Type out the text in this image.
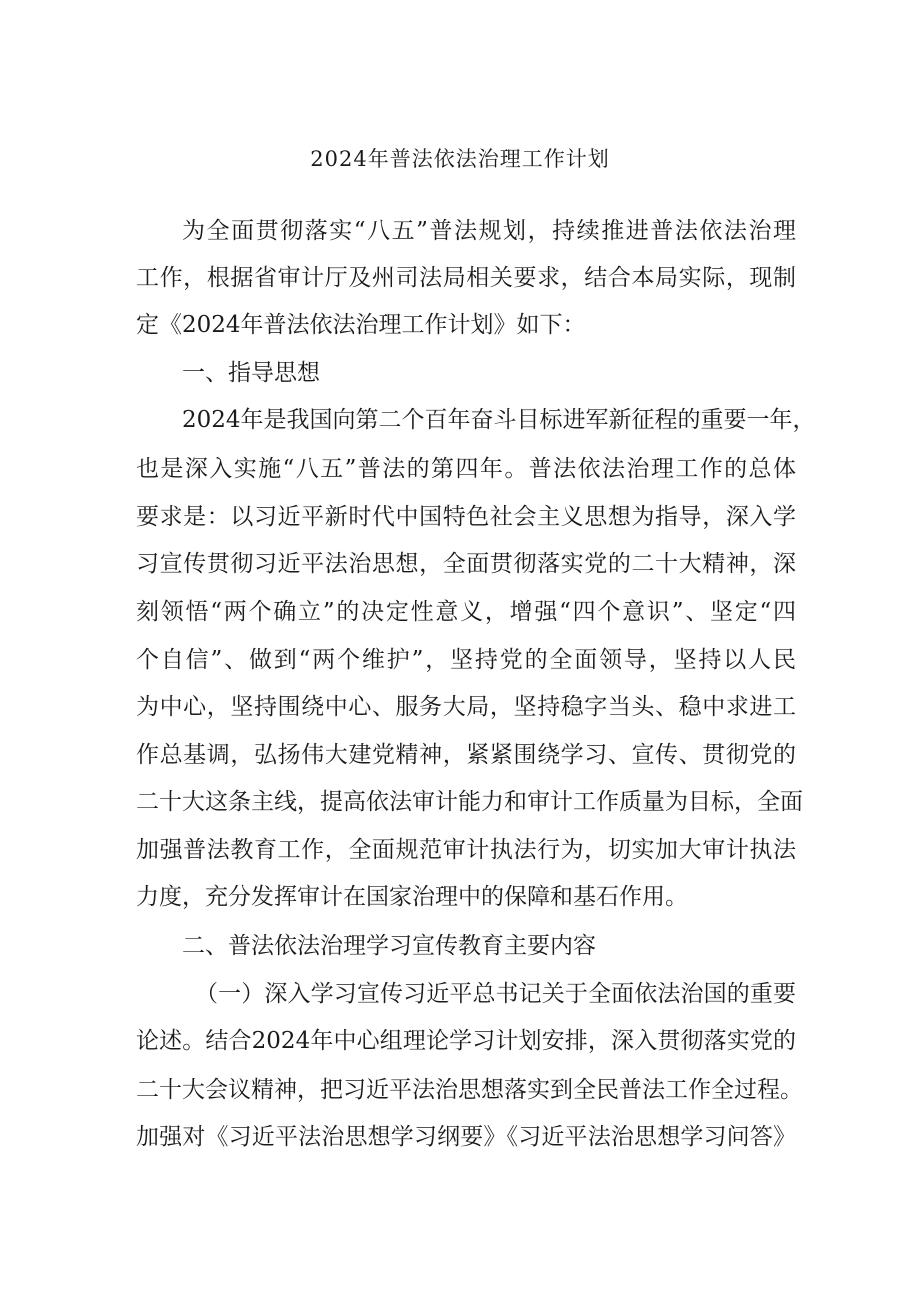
2024年普法依法治理工作计划
为全面贯彻落实“八五”普法规划，持续推进普法依法治理
工作，根据省审计厅及州司法局相关要求，结合本局实际，现制
定《2024年普法依法治理工作计划》如下：
一、指导思想
2024年是我国向第二个百年奋斗目标进军新征程的重要一年，
也是深入实施“八五”普法的第四年。普法依法治理工作的总体
要求是：以习近平新时代中国特色社会主义思想为指导，深入学
习宣传贯彻习近平法治思想，全面贯彻落实党的二十大精神，深
刻领悟“两个确立”的决定性意义，增强“四个意识”、坚定“四
个自信”、做到“两个维护”，坚持党的全面领导，坚持以人民
为中心，坚持围绕中心、服务大局，坚持稳字当头、稳中求进工
作总基调，弘扬伟大建党精神，紧紧围绕学习、宣传、贯彻党的
二十大这条主线，提高依法审计能力和审计工作质量为目标，全面
加强普法教育工作，全面规范审计执法行为，切实加大审计执法
力度，充分发挥审计在国家治理中的保障和基石作用。
二、普法依法治理学习宣传教育主要内容
（一）深入学习宣传习近平总书记关于全面依法治国的重要
论述。结合2024年中心组理论学习计划安排，深入贯彻落实党的
二十大会议精神，把习近平法治思想落实到全民普法工作全过程。
加强对《习近平法治思想学习纲要》《习近平法治思想学习问答》
